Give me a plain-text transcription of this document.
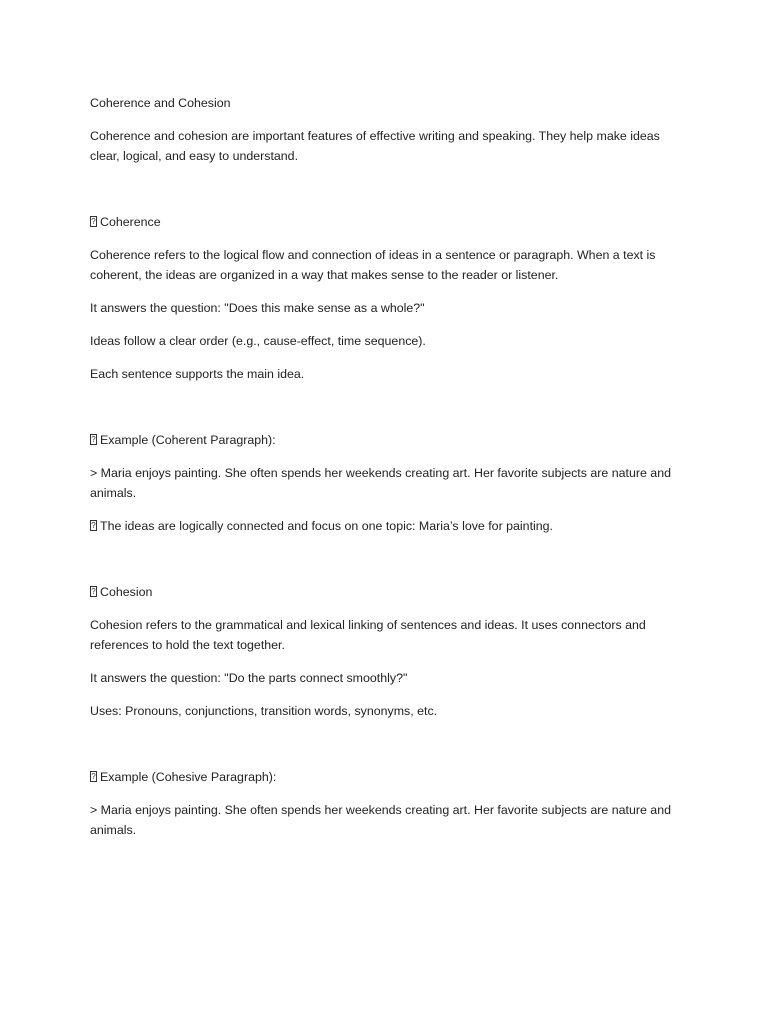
Coherence and Cohesion

Coherence and cohesion are important features of effective writing and speaking. They help make ideas clear, logical, and easy to understand.

?Coherence

Coherence refers to the logical flow and connection of ideas in a sentence or paragraph. When a text is coherent, the ideas are organized in a way that makes sense to the reader or listener.

It answers the question: "Does this make sense as a whole?"

Ideas follow a clear order (e.g., cause-effect, time sequence).

Each sentence supports the main idea.

?Example (Coherent Paragraph):

> Maria enjoys painting. She often spends her weekends creating art. Her favorite subjects are nature and animals.

?The ideas are logically connected and focus on one topic: Maria’s love for painting.

?Cohesion

Cohesion refers to the grammatical and lexical linking of sentences and ideas. It uses connectors and references to hold the text together.

It answers the question: "Do the parts connect smoothly?"

Uses: Pronouns, conjunctions, transition words, synonyms, etc.

?Example (Cohesive Paragraph):

> Maria enjoys painting. She often spends her weekends creating art. Her favorite subjects are nature and animals.
